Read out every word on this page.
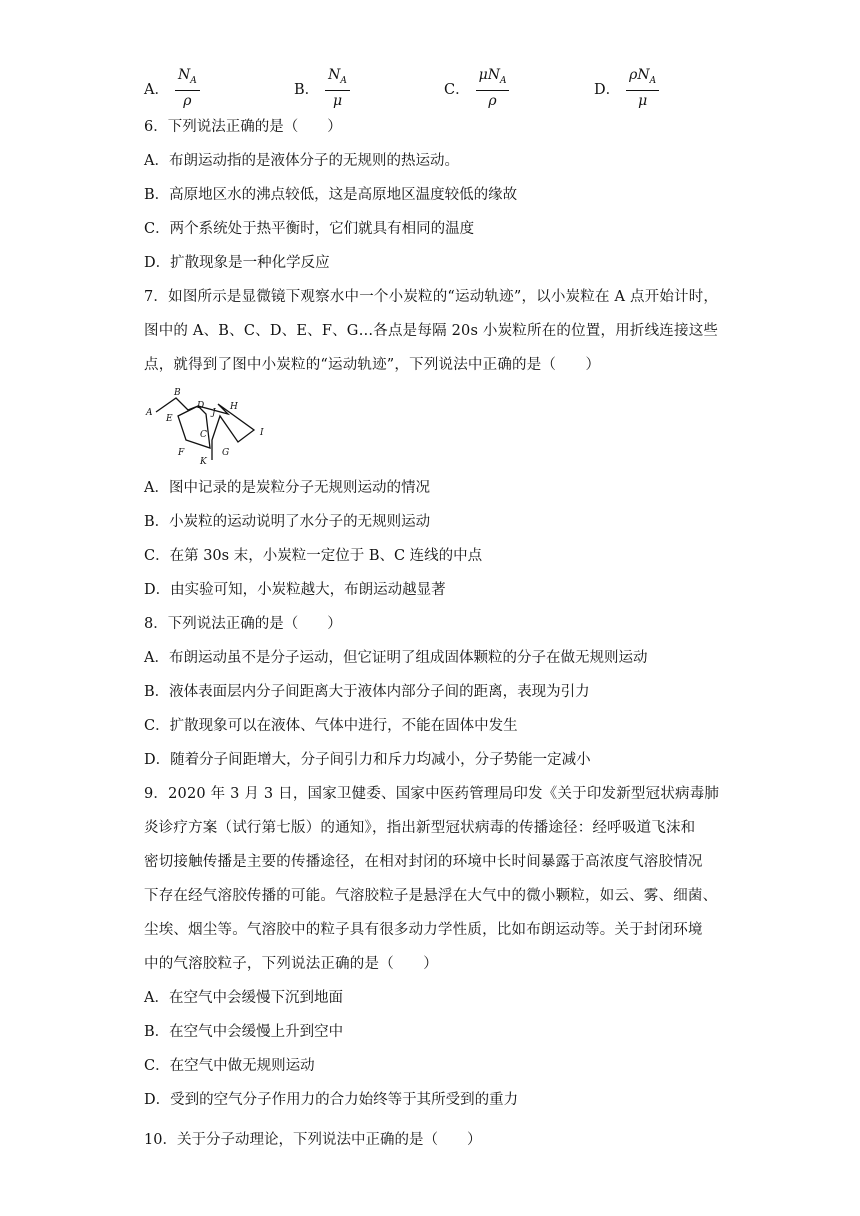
A． $\frac{N_A}{\rho}$	B． $\frac{N_A}{\mu}$	C． $\frac{\mu N_A}{\rho}$	D． $\frac{\rho N_A}{\mu}$
6．下列说法正确的是（　　）
A．布朗运动指的是液体分子的无规则的热运动。
B．高原地区水的沸点较低，这是高原地区温度较低的缘故
C．两个系统处于热平衡时，它们就具有相同的温度
D．扩散现象是一种化学反应
7．如图所示是显微镜下观察水中一个小炭粒的“运动轨迹”，以小炭粒在 A 点开始计时，
图中的 A、B、C、D、E、F、G…各点是每隔 20s 小炭粒所在的位置，用折线连接这些
点，就得到了图中小炭粒的“运动轨迹”，下列说法中正确的是（　　）
A
B
E
D
C
J
H
I
F
K
G
A．图中记录的是炭粒分子无规则运动的情况
B．小炭粒的运动说明了水分子的无规则运动
C．在第 30s 末，小炭粒一定位于 B、C 连线的中点
D．由实验可知，小炭粒越大，布朗运动越显著
8．下列说法正确的是（　　）
A．布朗运动虽不是分子运动，但它证明了组成固体颗粒的分子在做无规则运动
B．液体表面层内分子间距离大于液体内部分子间的距离，表现为引力
C．扩散现象可以在液体、气体中进行，不能在固体中发生
D．随着分子间距增大，分子间引力和斥力均减小，分子势能一定减小
9．2020 年 3 月 3 日，国家卫健委、国家中医药管理局印发《关于印发新型冠状病毒肺
炎诊疗方案（试行第七版）的通知》，指出新型冠状病毒的传播途径：经呼吸道飞沫和
密切接触传播是主要的传播途径，在相对封闭的环境中长时间暴露于高浓度气溶胶情况
下存在经气溶胶传播的可能。气溶胶粒子是悬浮在大气中的微小颗粒，如云、雾、细菌、
尘埃、烟尘等。气溶胶中的粒子具有很多动力学性质，比如布朗运动等。关于封闭环境
中的气溶胶粒子，下列说法正确的是（　　）
A．在空气中会缓慢下沉到地面
B．在空气中会缓慢上升到空中
C．在空气中做无规则运动
D．受到的空气分子作用力的合力始终等于其所受到的重力
10．关于分子动理论，下列说法中正确的是（　　）
